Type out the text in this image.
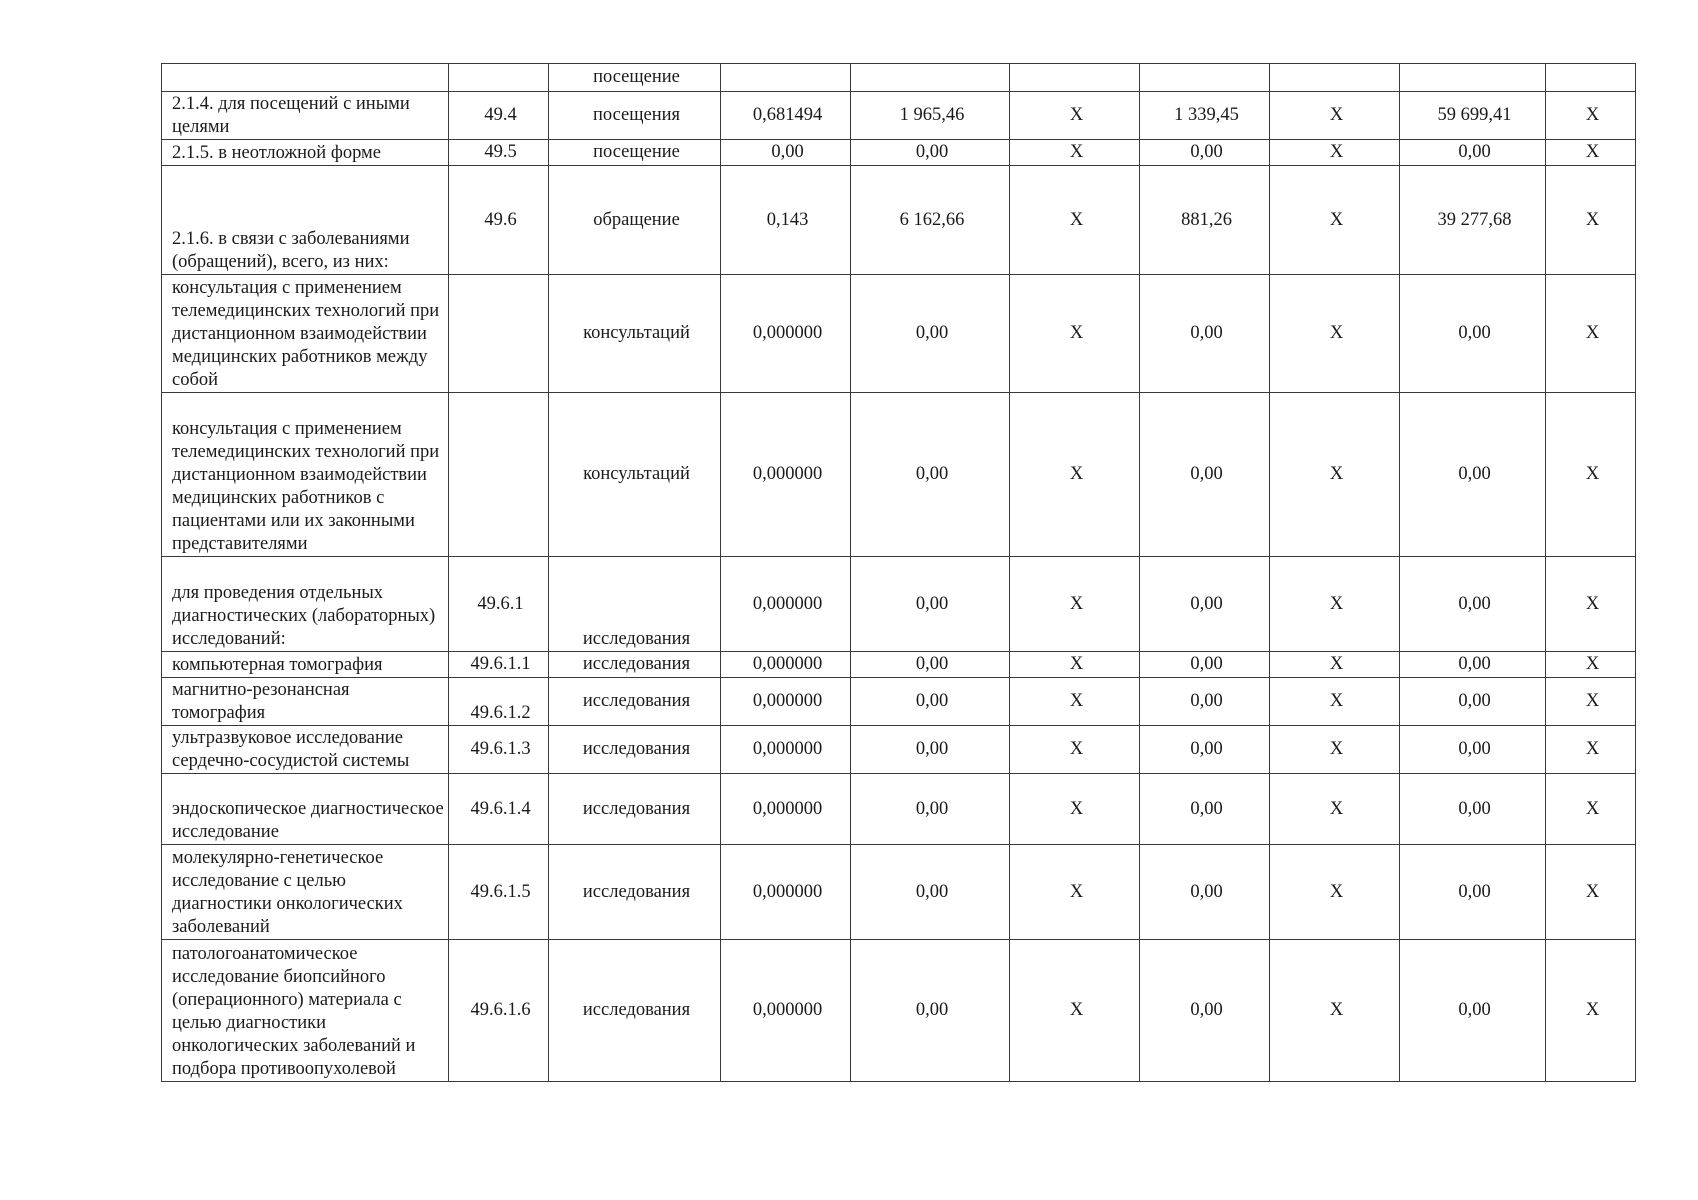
		посещение							
2.1.4. для посещений с иными целями	49.4	посещения	0,681494	1 965,46	X	1 339,45	X	59 699,41	X
2.1.5. в неотложной форме	49.5	посещение	0,00	0,00	X	0,00	X	0,00	X
2.1.6. в связи с заболеваниями (обращений), всего, из них:	49.6	обращение	0,143	6 162,66	X	881,26	X	39 277,68	X
консультация с применением телемедицинских технологий при дистанционном взаимодействии медицинских работников между собой		консультаций	0,000000	0,00	X	0,00	X	0,00	X
консультация с применением телемедицинских технологий при дистанционном взаимодействии медицинских работников с пациентами или их законными представителями		консультаций	0,000000	0,00	X	0,00	X	0,00	X
для проведения отдельных диагностических (лабораторных) исследований:	49.6.1	исследования	0,000000	0,00	X	0,00	X	0,00	X
компьютерная томография	49.6.1.1	исследования	0,000000	0,00	X	0,00	X	0,00	X
магнитно-резонансная томография	49.6.1.2	исследования	0,000000	0,00	X	0,00	X	0,00	X
ультразвуковое исследование сердечно-сосудистой системы	49.6.1.3	исследования	0,000000	0,00	X	0,00	X	0,00	X
эндоскопическое диагностическое исследование	49.6.1.4	исследования	0,000000	0,00	X	0,00	X	0,00	X
молекулярно-генетическое исследование с целью диагностики онкологических заболеваний	49.6.1.5	исследования	0,000000	0,00	X	0,00	X	0,00	X
патологоанатомическое исследование биопсийного (операционного) материала с целью диагностики онкологических заболеваний и подбора противоопухолевой	49.6.1.6	исследования	0,000000	0,00	X	0,00	X	0,00	X
